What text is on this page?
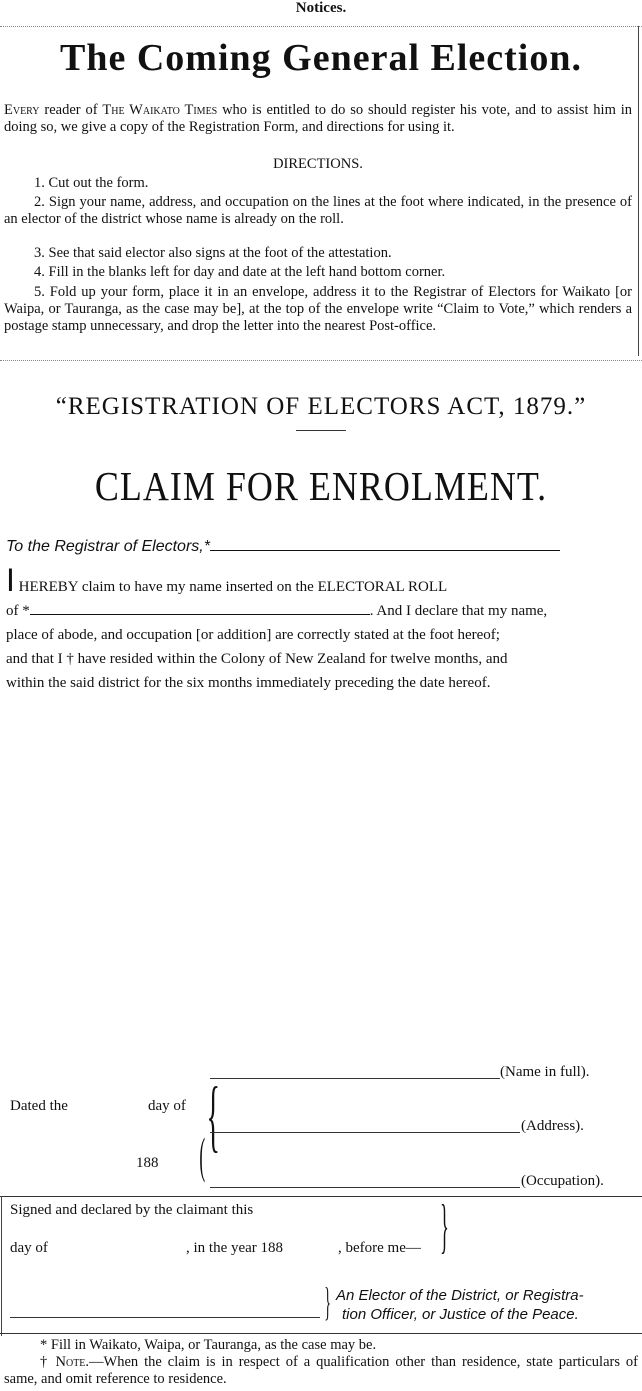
Notices.
The Coming General Election.
Every reader of The Waikato Times who is entitled to do so should register his vote, and to assist him in doing so, we give a copy of the Registration Form, and directions for using it.
DIRECTIONS.
1. Cut out the form.
2. Sign your name, address, and occupation on the lines at the foot where indicated, in the presence of an elector of the district whose name is already on the roll.
3. See that said elector also signs at the foot of the attestation.
4. Fill in the blanks left for day and date at the left hand bottom corner.
5. Fold up your form, place it in an envelope, address it to the Registrar of Electors for Waikato [or Waipa, or Tauranga, as the case may be], at the top of the envelope write “Claim to Vote,” which renders a postage stamp unnecessary, and drop the letter into the nearest Post-office.
“REGISTRATION OF ELECTORS ACT, 1879.”
CLAIM FOR ENROLMENT.
To the Registrar of Electors,*
I HEREBY claim to have my name inserted on the ELECTORAL ROLL
of *	. And I declare that my name,
place of abode, and occupation [or addition] are correctly stated at the foot hereof;
and that I † have resided within the Colony of New Zealand for twelve months, and
within the said district for the six months immediately preceding the date hereof.
(Name in full).
Dated the	day of {
(
(Address).
188
(Occupation).
Signed and declared by the claimant this
day of	, in the year 188	, before me— }
} An Elector of the District, or Registra-
tion Officer, or Justice of the Peace.
* Fill in Waikato, Waipa, or Tauranga, as the case may be.
† Note.—When the claim is in respect of a qualification other than residence, state particulars of same, and omit reference to residence.
